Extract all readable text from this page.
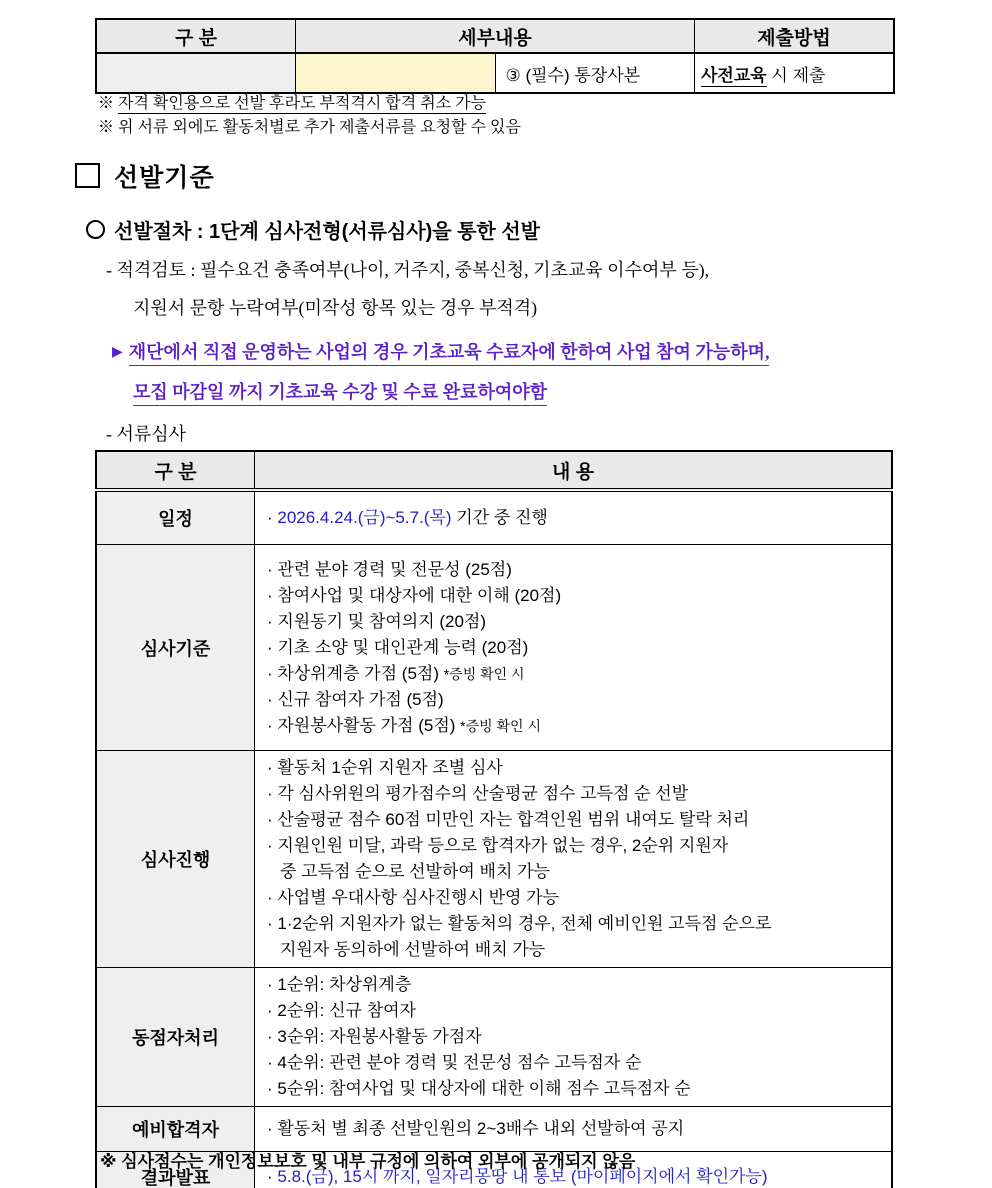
구 분	세부내용		제출방법
		③ (필수) 통장사본	사전교육 시 제출
※ 자격 확인용으로 선발 후라도 부적격시 합격 취소 가능
※ 위 서류 외에도 활동처별로 추가 제출서류를 요청할 수 있음
선발기준
선발절차 : 1단계 심사전형(서류심사)을 통한 선발
- 적격검토 : 필수요건 충족여부(나이, 거주지, 중복신청, 기초교육 이수여부 등),
지원서 문항 누락여부(미작성 항목 있는 경우 부적격)
▶ 재단에서 직접 운영하는 사업의 경우 기초교육 수료자에 한하여 사업 참여 가능하며,
모집 마감일 까지 기초교육 수강 및 수료 완료하여야함
- 서류심사
구 분	내 용
일정	· 2026.4.24.(금)~5.7.(목) 기간 중 진행

심사기준	
· 관련 분야 경력 및 전문성 (25점)
· 참여사업 및 대상자에 대한 이해 (20점)
· 지원동기 및 참여의지 (20점)
· 기초 소양 및 대인관계 능력 (20점)
· 차상위계층 가점 (5점) *증빙 확인 시
· 신규 참여자 가점 (5점)
· 자원봉사활동 가점 (5점) *증빙 확인 시

심사진행	
· 활동처 1순위 지원자 조별 심사
· 각 심사위원의 평가점수의 산술평균 점수 고득점 순 선발
· 산술평균 점수 60점 미만인 자는 합격인원 범위 내여도 탈락 처리
· 지원인원 미달, 과락 등으로 합격자가 없는 경우, 2순위 지원자
중 고득점 순으로 선발하여 배치 가능
· 사업별 우대사항 심사진행시 반영 가능
· 1·2순위 지원자가 없는 활동처의 경우, 전체 예비인원 고득점 순으로
지원자 동의하에 선발하여 배치 가능

동점자처리	· 1순위: 차상위계층
· 2순위: 신규 참여자
· 3순위: 자원봉사활동 가점자
· 4순위: 관련 분야 경력 및 전문성 점수 고득점자 순
· 5순위: 참여사업 및 대상자에 대한 이해 점수 고득점자 순

예비합격자	· 활동처 별 최종 선발인원의 2~3배수 내외 선발하여 공지

결과발표	· 5.8.(금), 15시 까지, 일자리몽땅 내 통보 (마이페이지에서 확인가능)
※ 심사점수는 개인정보보호 및 내부 규정에 의하여 외부에 공개되지 않음
